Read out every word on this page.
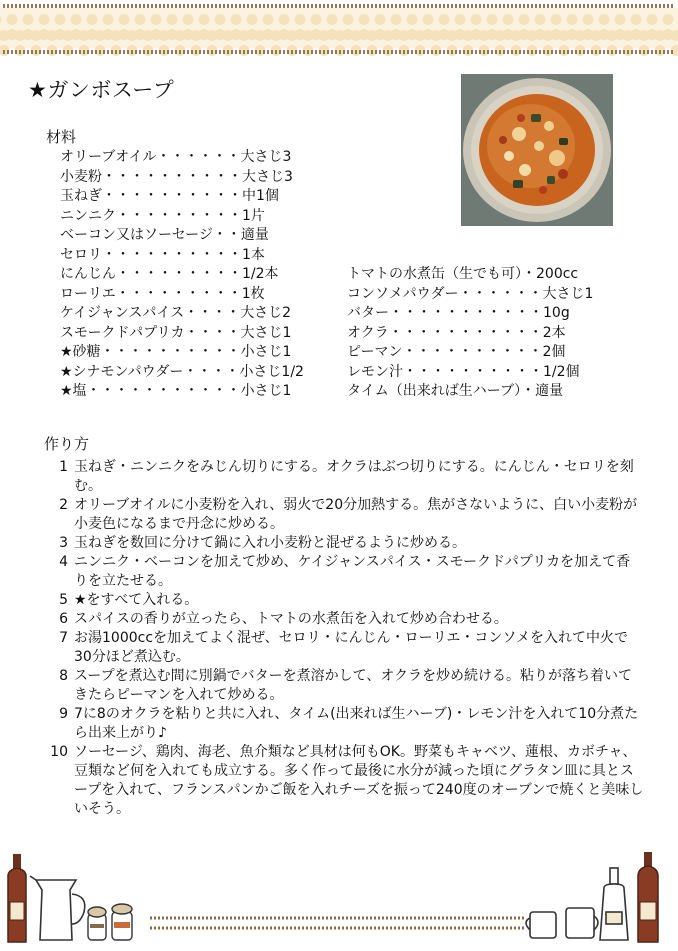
★ガンボスープ
材料
オリーブオイル・・・・・・ 大さじ3
小麦粉・・・・・・・・・・ 大さじ3
玉ねぎ・・・・・・・・・・ 中1個
ニンニク・・・・・・・・・ 1片
ベーコン又はソーセージ・・ 適量
セロリ・・・・・・・・・・ 1本
にんじん・・・・・・・・・ 1/2本
ローリエ・・・・・・・・・ 1枚
ケイジャンスパイス・・・・ 大さじ2
スモークドパプリカ・・・・ 大さじ1
★砂糖・・・・・・・・・・ 小さじ1
★シナモンパウダー・・・・ 小さじ1/2
★塩・・・・・・・・・・・ 小さじ1
トマトの水煮缶（生でも可）・ 200cc
コンソメパウダー・・・・・・ 大さじ1
バター・・・・・・・・・・・ 10g
オクラ・・・・・・・・・・・ 2本
ピーマン・・・・・・・・・・ 2個
レモン汁・・・・・・・・・・ 1/2個
タイム（出来れば生ハーブ）・ 適量
作り方
1 玉ねぎ・ニンニクをみじん切りにする。オクラはぶつ切りにする。にんじん・セロリを刻む。
2 オリーブオイルに小麦粉を入れ、弱火で20分加熱する。焦がさないように、白い小麦粉が小麦色になるまで丹念に炒める。
3 玉ねぎを数回に分けて鍋に入れ小麦粉と混ぜるように炒める。
4 ニンニク・ベーコンを加えて炒め、ケイジャンスパイス・スモークドパプリカを加えて香りを立たせる。
5 ★をすべて入れる。
6 スパイスの香りが立ったら、トマトの水煮缶を入れて炒め合わせる。
7 お湯1000ccを加えてよく混ぜ、セロリ・にんじん・ローリエ・コンソメを入れて中火で30分ほど煮込む。
8 スープを煮込む間に別鍋でバターを煮溶かして、オクラを炒め続ける。粘りが落ち着いてきたらピーマンを入れて炒める。
9 7に8のオクラを粘りと共に入れ、タイム(出来れば生ハーブ)・レモン汁を入れて10分煮たら出来上がり♪
10 ソーセージ、鶏肉、海老、魚介類など具材は何もOK。野菜もキャベツ、蓮根、カボチャ、豆類など何を入れても成立する。多く作って最後に水分が減った頃にグラタン皿に具とスープを入れて、フランスパンかご飯を入れチーズを振って240度のオーブンで焼くと美味しいそう。
